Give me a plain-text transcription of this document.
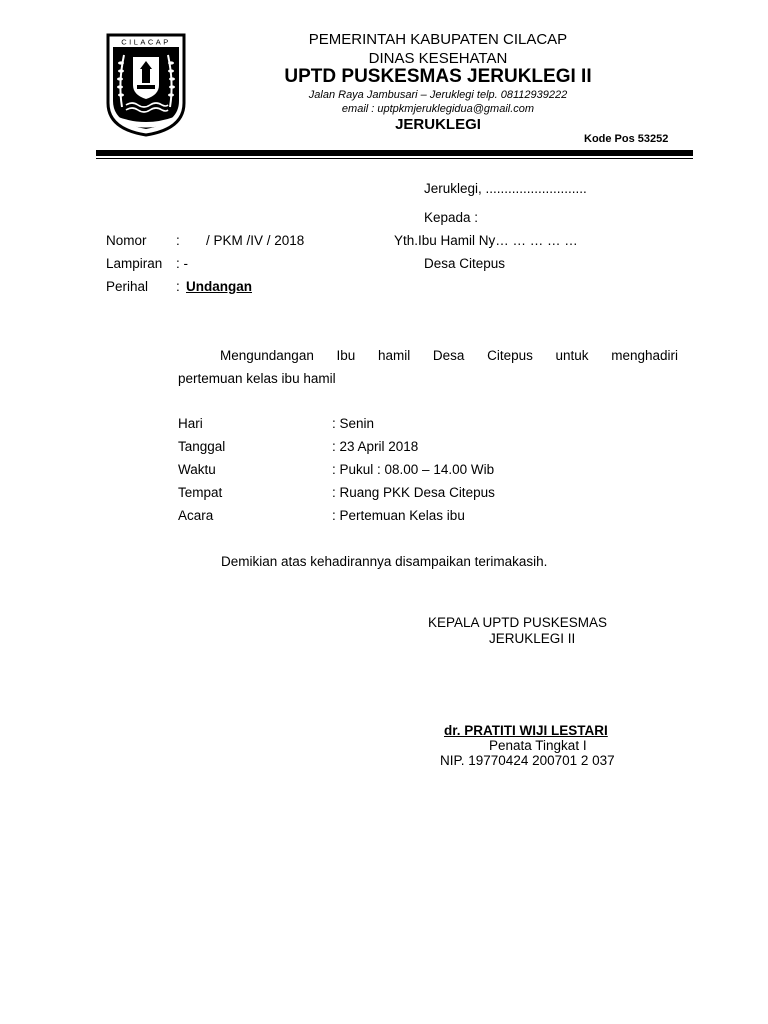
CILACAP	PEMERINTAH KABUPATEN CILACAP
DINAS KESEHATAN
UPTD PUSKESMAS JERUKLEGI II
Jalan Raya Jambusari – Jeruklegi telp. 08112939222
email : uptpkmjeruklegidua@gmail.com
JERUKLEGI
Kode Pos 53252
Jeruklegi, ...........................
Kepada :
Yth.Ibu Hamil Ny… … … … …
Desa Citepus
Nomor : / PKM /IV / 2018
Lampiran : -
Perihal : Undangan
Mengundangan Ibu hamil Desa Citepus untuk menghadiri
pertemuan kelas ibu hamil
Hari	: Senin
Tanggal	: 23 April 2018
Waktu	: Pukul : 08.00 – 14.00 Wib
Tempat	: Ruang PKK Desa Citepus
Acara	: Pertemuan Kelas ibu
Demikian atas kehadirannya disampaikan terimakasih.
KEPALA UPTD PUSKESMAS
JERUKLEGI II
dr. PRATITI WIJI LESTARI
Penata Tingkat I
NIP. 19770424 200701 2 037
